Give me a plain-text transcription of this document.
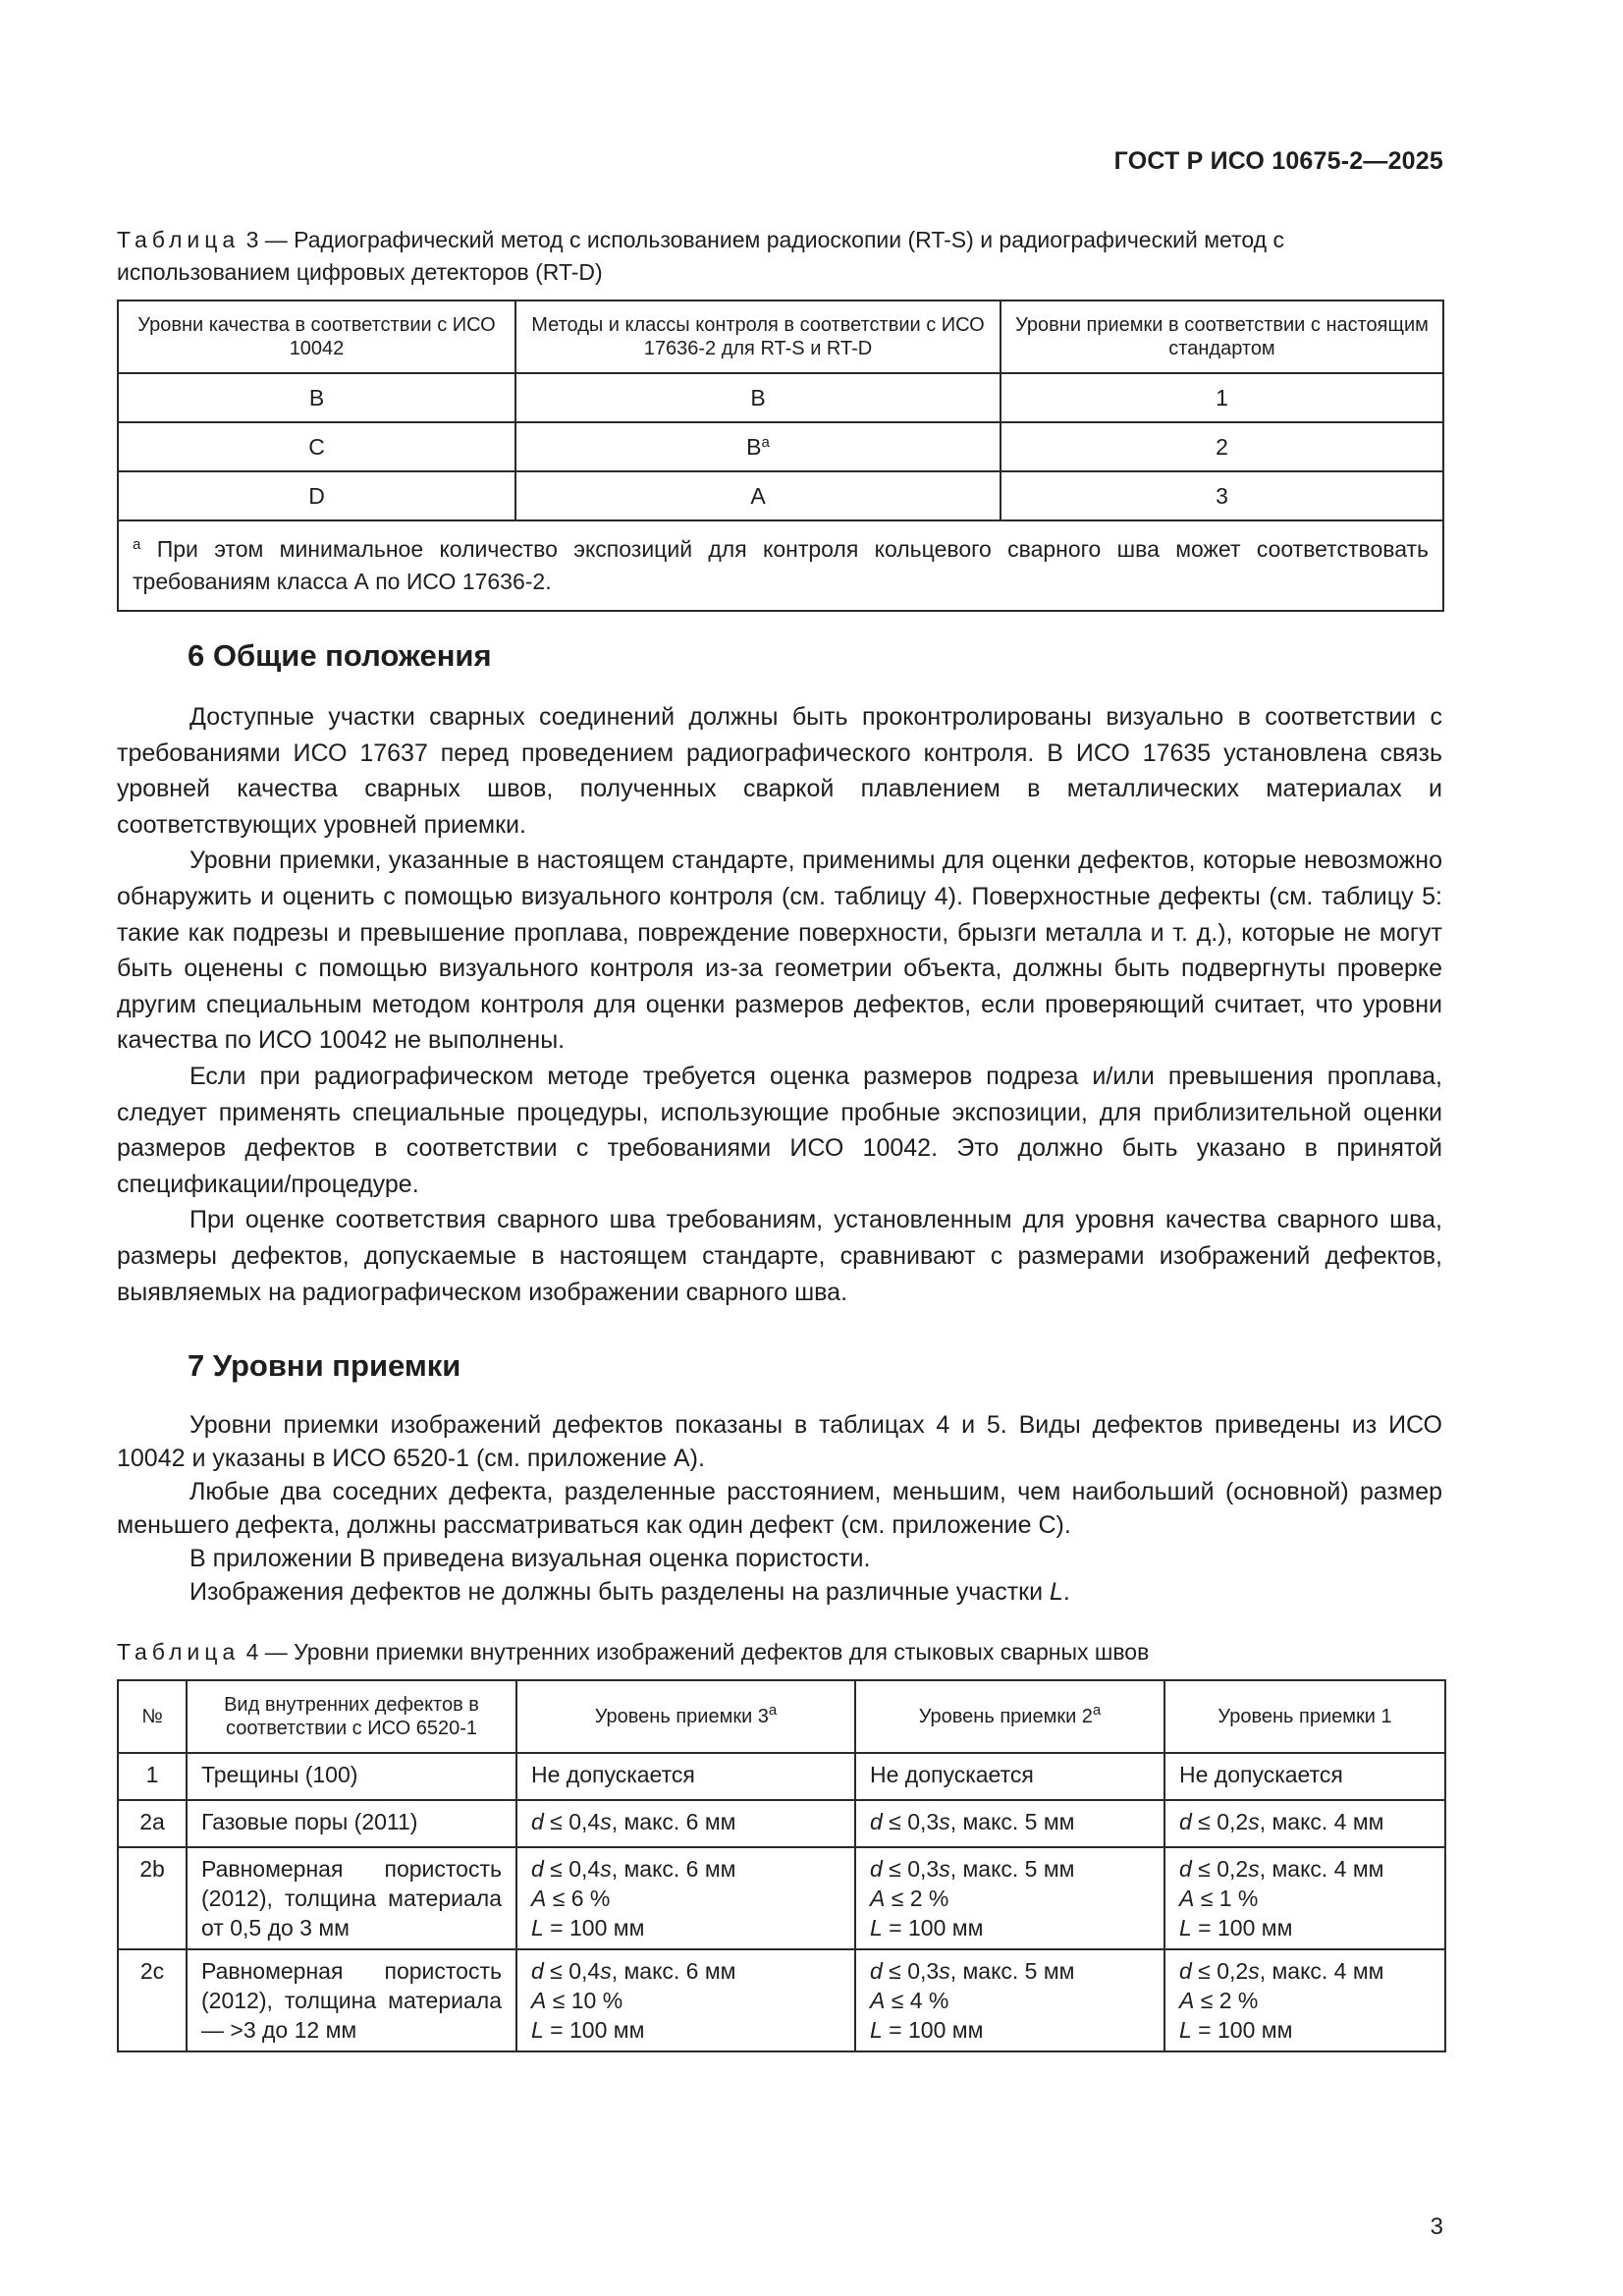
ГОСТ Р ИСО 10675-2—2025
Таблица 3 — Радиографический метод с использованием радиоскопии (RT-S) и радиографический метод с использованием цифровых детекторов (RT-D)
Уровни качества в соответствии с ИСО 10042	Методы и классы контроля в соответствии с ИСО 17636-2 для RT-S и RT-D	Уровни приемки в соответствии с настоящим стандартом
B	B	1
C	$B^a$	2
D	A	3
$^a$ При этом минимальное количество экспозиций для контроля кольцевого сварного шва может соответствовать требованиям класса А по ИСО 17636-2.		
6 Общие положения

Доступные участки сварных соединений должны быть проконтролированы визуально в соответствии с требованиями ИСО 17637 перед проведением радиографического контроля. В ИСО 17635 установлена связь уровней качества сварных швов, полученных сваркой плавлением в металлических материалах и соответствующих уровней приемки.

Уровни приемки, указанные в настоящем стандарте, применимы для оценки дефектов, которые невозможно обнаружить и оценить с помощью визуального контроля (см. таблицу 4). Поверхностные дефекты (см. таблицу 5: такие как подрезы и превышение проплава, повреждение поверхности, брызги металла и т. д.), которые не могут быть оценены с помощью визуального контроля из-за геометрии объекта, должны быть подвергнуты проверке другим специальным методом контроля для оценки размеров дефектов, если проверяющий считает, что уровни качества по ИСО 10042 не выполнены.

Если при радиографическом методе требуется оценка размеров подреза и/или превышения проплава, следует применять специальные процедуры, использующие пробные экспозиции, для приблизительной оценки размеров дефектов в соответствии с требованиями ИСО 10042. Это должно быть указано в принятой спецификации/процедуре.

При оценке соответствия сварного шва требованиям, установленным для уровня качества сварного шва, размеры дефектов, допускаемые в настоящем стандарте, сравнивают с размерами изображений дефектов, выявляемых на радиографическом изображении сварного шва.

7 Уровни приемки

Уровни приемки изображений дефектов показаны в таблицах 4 и 5. Виды дефектов приведены из ИСО 10042 и указаны в ИСО 6520-1 (см. приложение А).

Любые два соседних дефекта, разделенные расстоянием, меньшим, чем наибольший (основной) размер меньшего дефекта, должны рассматриваться как один дефект (см. приложение С).

В приложении В приведена визуальная оценка пористости.

Изображения дефектов не должны быть разделены на различные участки L.

Таблица 4 — Уровни приемки внутренних изображений дефектов для стыковых сварных швов
№	Вид внутренних дефектов в соответствии с ИСО 6520-1	Уровень приемки 3$^a$	Уровень приемки 2$^a$	Уровень приемки 1
1	Трещины (100)	Не допускается	Не допускается	Не допускается

2a	Газовые поры (2011)	d ≤ 0,4s, макс. 6 мм	d ≤ 0,3s, макс. 5 мм	d ≤ 0,2s, макс. 4 мм

2b	Равномерная пористость (2012), толщина материала от 0,5 до 3 мм	d ≤ 0,4s, макс. 6 мм
A ≤ 6 %
L = 100 мм	d ≤ 0,3s, макс. 5 мм
A ≤ 2 %
L = 100 мм	d ≤ 0,2s, макс. 4 мм
A ≤ 1 %
L = 100 мм

2c	Равномерная пористость (2012), толщина материала — >3 до 12 мм	d ≤ 0,4s, макс. 6 мм
A ≤ 10 %
L = 100 мм	d ≤ 0,3s, макс. 5 мм
A ≤ 4 %
L = 100 мм	d ≤ 0,2s, макс. 4 мм
A ≤ 2 %
L = 100 мм
3
